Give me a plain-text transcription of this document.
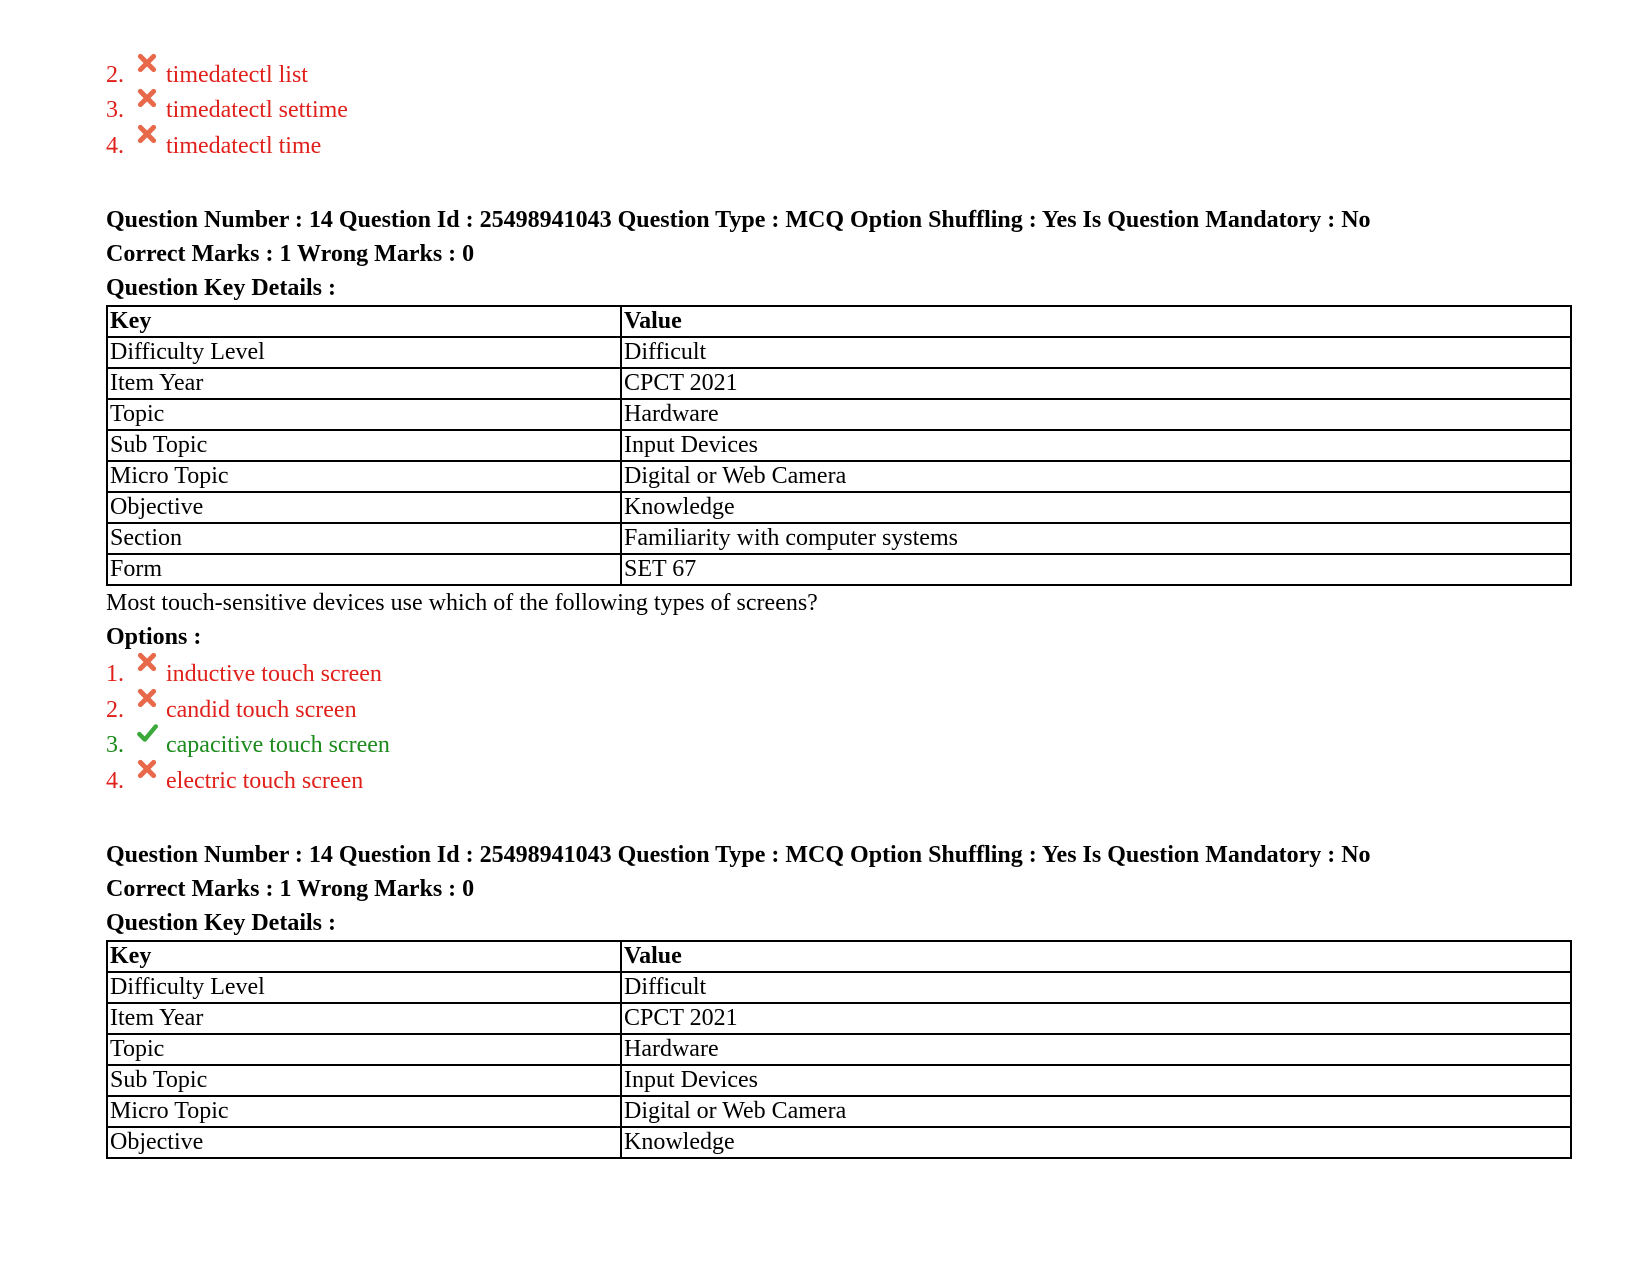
2. timedatectl list
3. timedatectl settime
4. timedatectl time
Question Number : 14 Question Id : 25498941043 Question Type : MCQ Option Shuffling : Yes Is Question Mandatory : No
Correct Marks : 1 Wrong Marks : 0
Question Key Details :
Key	Value
Difficulty Level	Difficult
Item Year	CPCT 2021
Topic	Hardware
Sub Topic	Input Devices
Micro Topic	Digital or Web Camera
Objective	Knowledge
Section	Familiarity with computer systems
Form	SET 67
Most touch-sensitive devices use which of the following types of screens?
Options :
1. inductive touch screen
2. candid touch screen
3. capacitive touch screen
4. electric touch screen
Question Number : 14 Question Id : 25498941043 Question Type : MCQ Option Shuffling : Yes Is Question Mandatory : No
Correct Marks : 1 Wrong Marks : 0
Question Key Details :
Key	Value
Difficulty Level	Difficult
Item Year	CPCT 2021
Topic	Hardware
Sub Topic	Input Devices
Micro Topic	Digital or Web Camera
Objective	Knowledge
